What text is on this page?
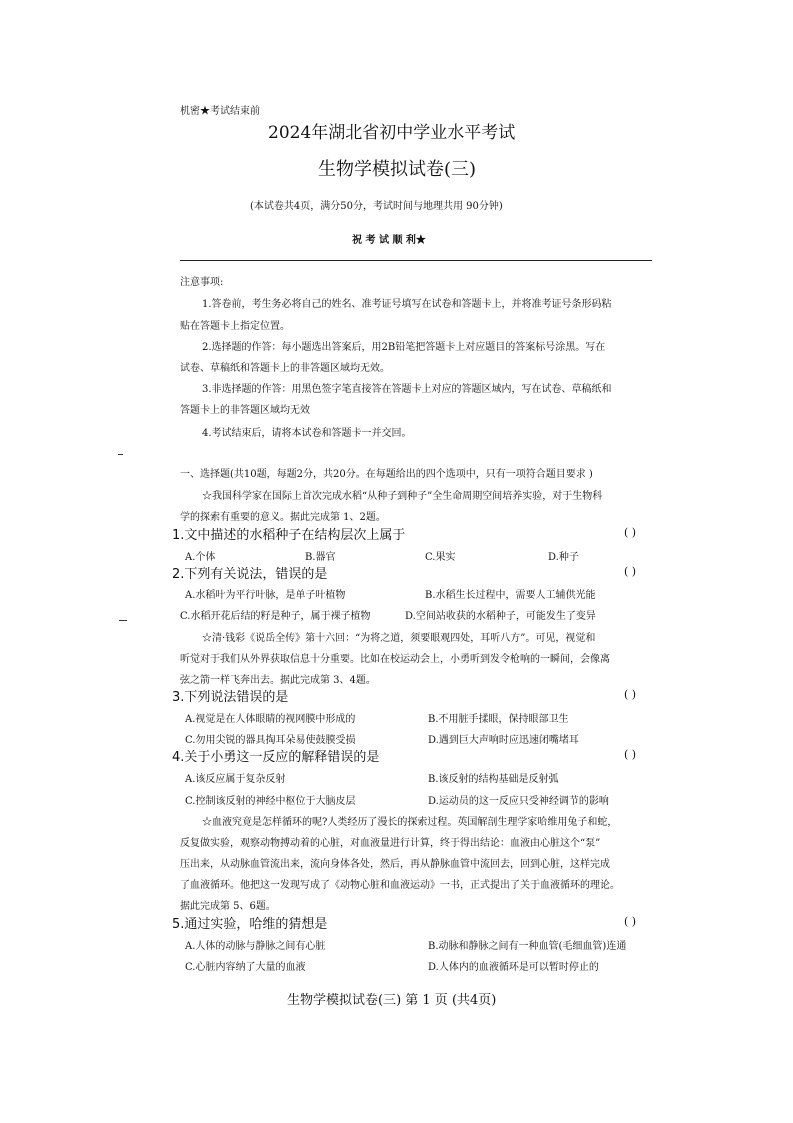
机密★考试结束前
2024年湖北省初中学业水平考试
生物学模拟试卷(三)
(本试卷共4页，满分50分，考试时间与地理共用 90分钟)
祝 考 试 顺 利★
注意事项:
1.答卷前，考生务必将自己的姓名、准考证号填写在试卷和答题卡上，并将准考证号条形码粘
贴在答题卡上指定位置。
2.选择题的作答：每小题选出答案后，用2B铅笔把答题卡上对应题目的答案标号涂黑。写在
试卷、草稿纸和答题卡上的非答题区域均无效。
3.非选择题的作答：用黑色签字笔直接答在答题卡上对应的答题区域内，写在试卷、草稿纸和
答题卡上的非答题区域均无效
4.考试结束后，请将本试卷和答题卡一并交回。
一、选择题(共10题，每题2分，共20分。在每题给出的四个选项中，只有一项符合题目要求 )
☆我国科学家在国际上首次完成水稻“从种子到种子”全生命周期空间培养实验，对于生物科
学的探索有重要的意义。据此完成第 1、2题。
1.文中描述的水稻种子在结构层次上属于	( )
A.个体	B.器官	C.果实	D.种子
2.下列有关说法，错误的是	( )
A.水稻叶为平行叶脉，是单子叶植物	B.水稻生长过程中，需要人工辅供光能
C.水稻开花后结的籽是种子，属于裸子植物	D.空间站收获的水稻种子，可能发生了变异
☆清·钱彩《说岳全传》第十六回：“为将之道，须要眼观四处，耳听八方”。可见，视觉和
听觉对于我们从外界获取信息十分重要。比如在校运动会上，小勇听到发令枪响的一瞬间，会像离
弦之箭一样飞奔出去。据此完成第 3、4题。
3.下列说法错误的是	( )
A.视觉是在人体眼睛的视网膜中形成的	B.不用脏手揉眼，保持眼部卫生
C.勿用尖锐的器具掏耳朵易使鼓膜受损	D.遇到巨大声响时应迅速闭嘴堵耳
4.关于小勇这一反应的解释错误的是	( )
A.该反应属于复杂反射	B.该反射的结构基础是反射弧
C.控制该反射的神经中枢位于大脑皮层	D.运动员的这一反应只受神经调节的影响
☆血液究竟是怎样循环的呢?人类经历了漫长的探索过程。英国解剖生理学家哈维用兔子和蛇，
反复做实验，观察动物搏动着的心脏，对血液量进行计算，终于得出结论：血液由心脏这个“泵”
压出来，从动脉血管流出来，流向身体各处，然后，再从静脉血管中流回去，回到心脏，这样完成
了血液循环。他把这一发现写成了《动物心脏和血液运动》一书，正式提出了关于血液循环的理论。
据此完成第 5、6题。
5.通过实验，哈维的猜想是	( )
A.人体的动脉与静脉之间有心脏	B.动脉和静脉之间有一种血管(毛细血管)连通
C.心脏内容纳了大量的血液	D.人体内的血液循环是可以暂时停止的
生物学模拟试卷(三) 第 1 页 (共4页)
